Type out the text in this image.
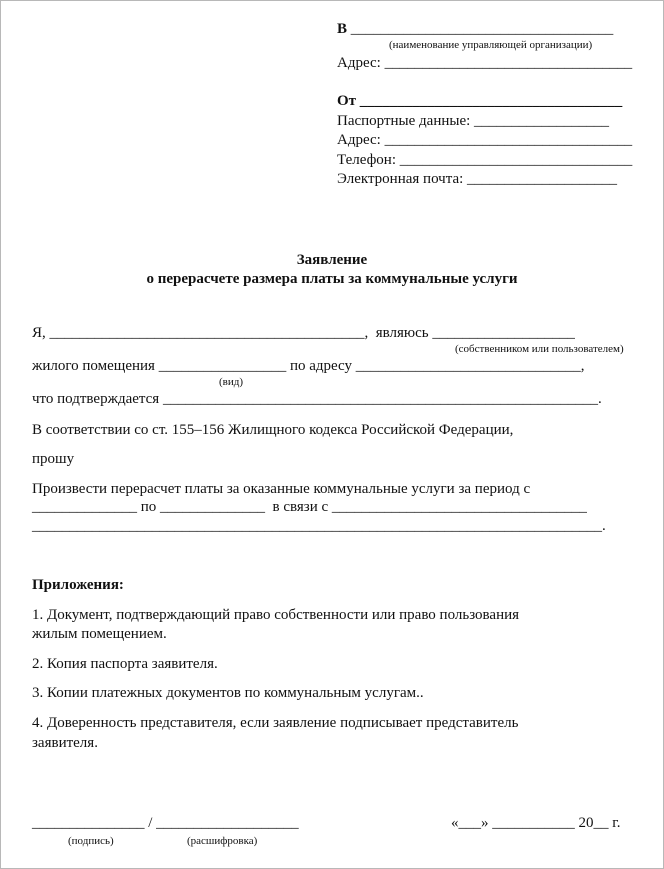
В ___________________________________
(наименование управляющей организации)
Адрес: _________________________________
От ___________________________________
Паспортные данные: __________________
Адрес: _________________________________
Телефон: _______________________________
Электронная почта: ____________________
Заявление
о перерасчете размера платы за коммунальные услуги
Я, __________________________________________,  являюсь ___________________
(собственником или пользователем)
жилого помещения _________________ по адресу ______________________________,
(вид)
что подтверждается __________________________________________________________.
В соответствии со ст. 155–156 Жилищного кодекса Российской Федерации,
прошу
Произвести перерасчет платы за оказанные коммунальные услуги за период с
______________ по ______________  в связи с __________________________________
____________________________________________________________________________.
Приложения:
1. Документ, подтверждающий право собственности или право пользования
жилым помещением.
2. Копия паспорта заявителя.
3. Копии платежных документов по коммунальным услугам..
4. Доверенность представителя, если заявление подписывает представитель
заявителя.
_______________ / ___________________
(подпись)	(расшифровка)
«___» ___________ 20__ г.
